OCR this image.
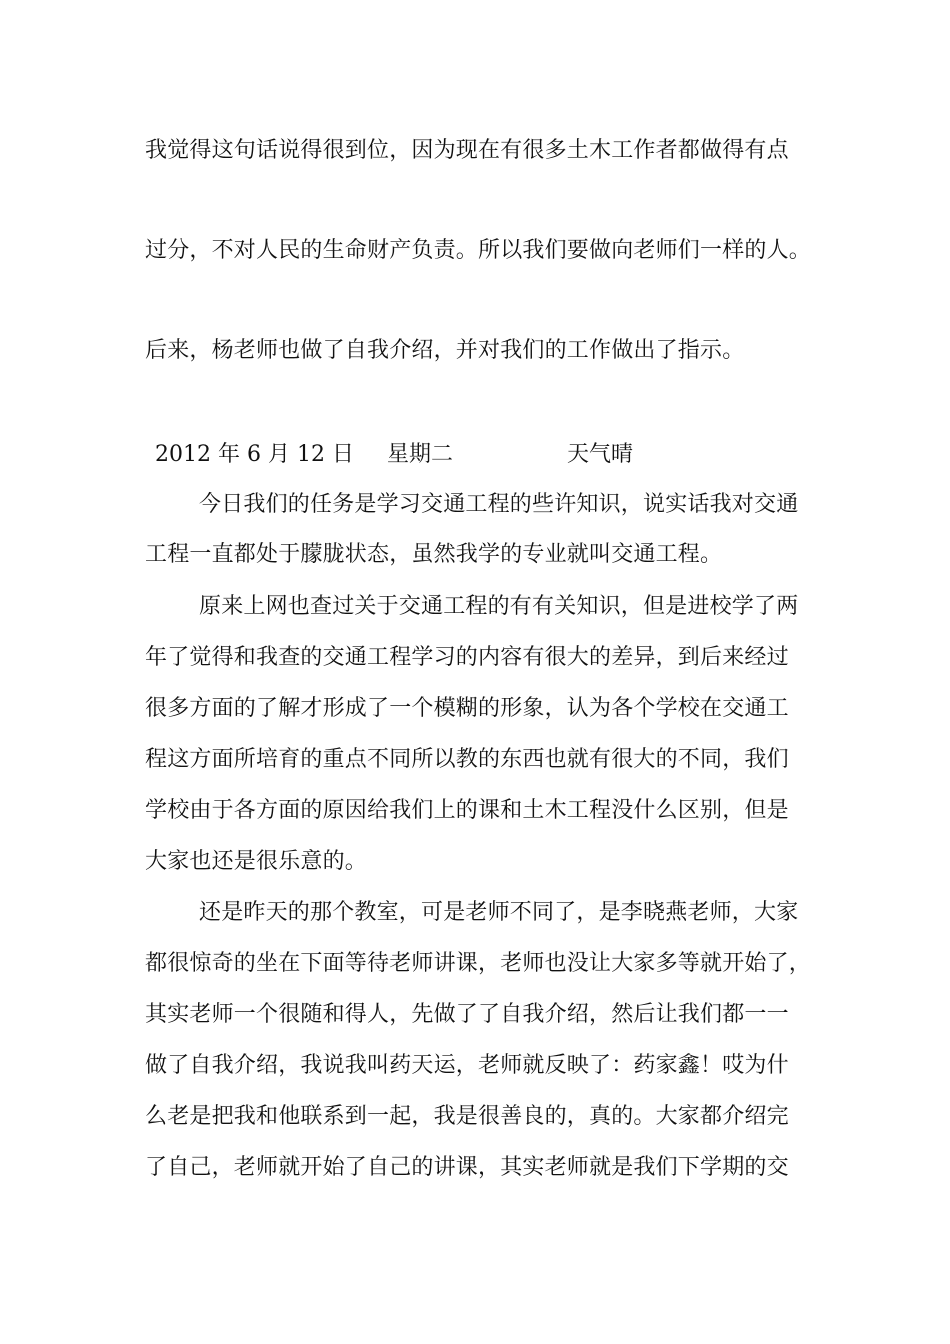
我觉得这句话说得很到位，因为现在有很多土木工作者都做得有点
过分，不对人民的生命财产负责。所以我们要做向老师们一样的人。
后来，杨老师也做了自我介绍，并对我们的工作做出了指示。
2012 年 6 月 12 日 星期二	天气晴
今日我们的任务是学习交通工程的些许知识，说实话我对交通
工程一直都处于朦胧状态，虽然我学的专业就叫交通工程。
原来上网也查过关于交通工程的有有关知识，但是进校学了两
年了觉得和我查的交通工程学习的内容有很大的差异，到后来经过
很多方面的了解才形成了一个模糊的形象，认为各个学校在交通工
程这方面所培育的重点不同所以教的东西也就有很大的不同，我们
学校由于各方面的原因给我们上的课和土木工程没什么区别，但是
大家也还是很乐意的。
还是昨天的那个教室，可是老师不同了，是李晓燕老师，大家
都很惊奇的坐在下面等待老师讲课，老师也没让大家多等就开始了，
其实老师一个很随和得人，先做了了自我介绍，然后让我们都一一
做了自我介绍，我说我叫药天运，老师就反映了：药家鑫！哎为什
么老是把我和他联系到一起，我是很善良的，真的。大家都介绍完
了自己，老师就开始了自己的讲课，其实老师就是我们下学期的交
